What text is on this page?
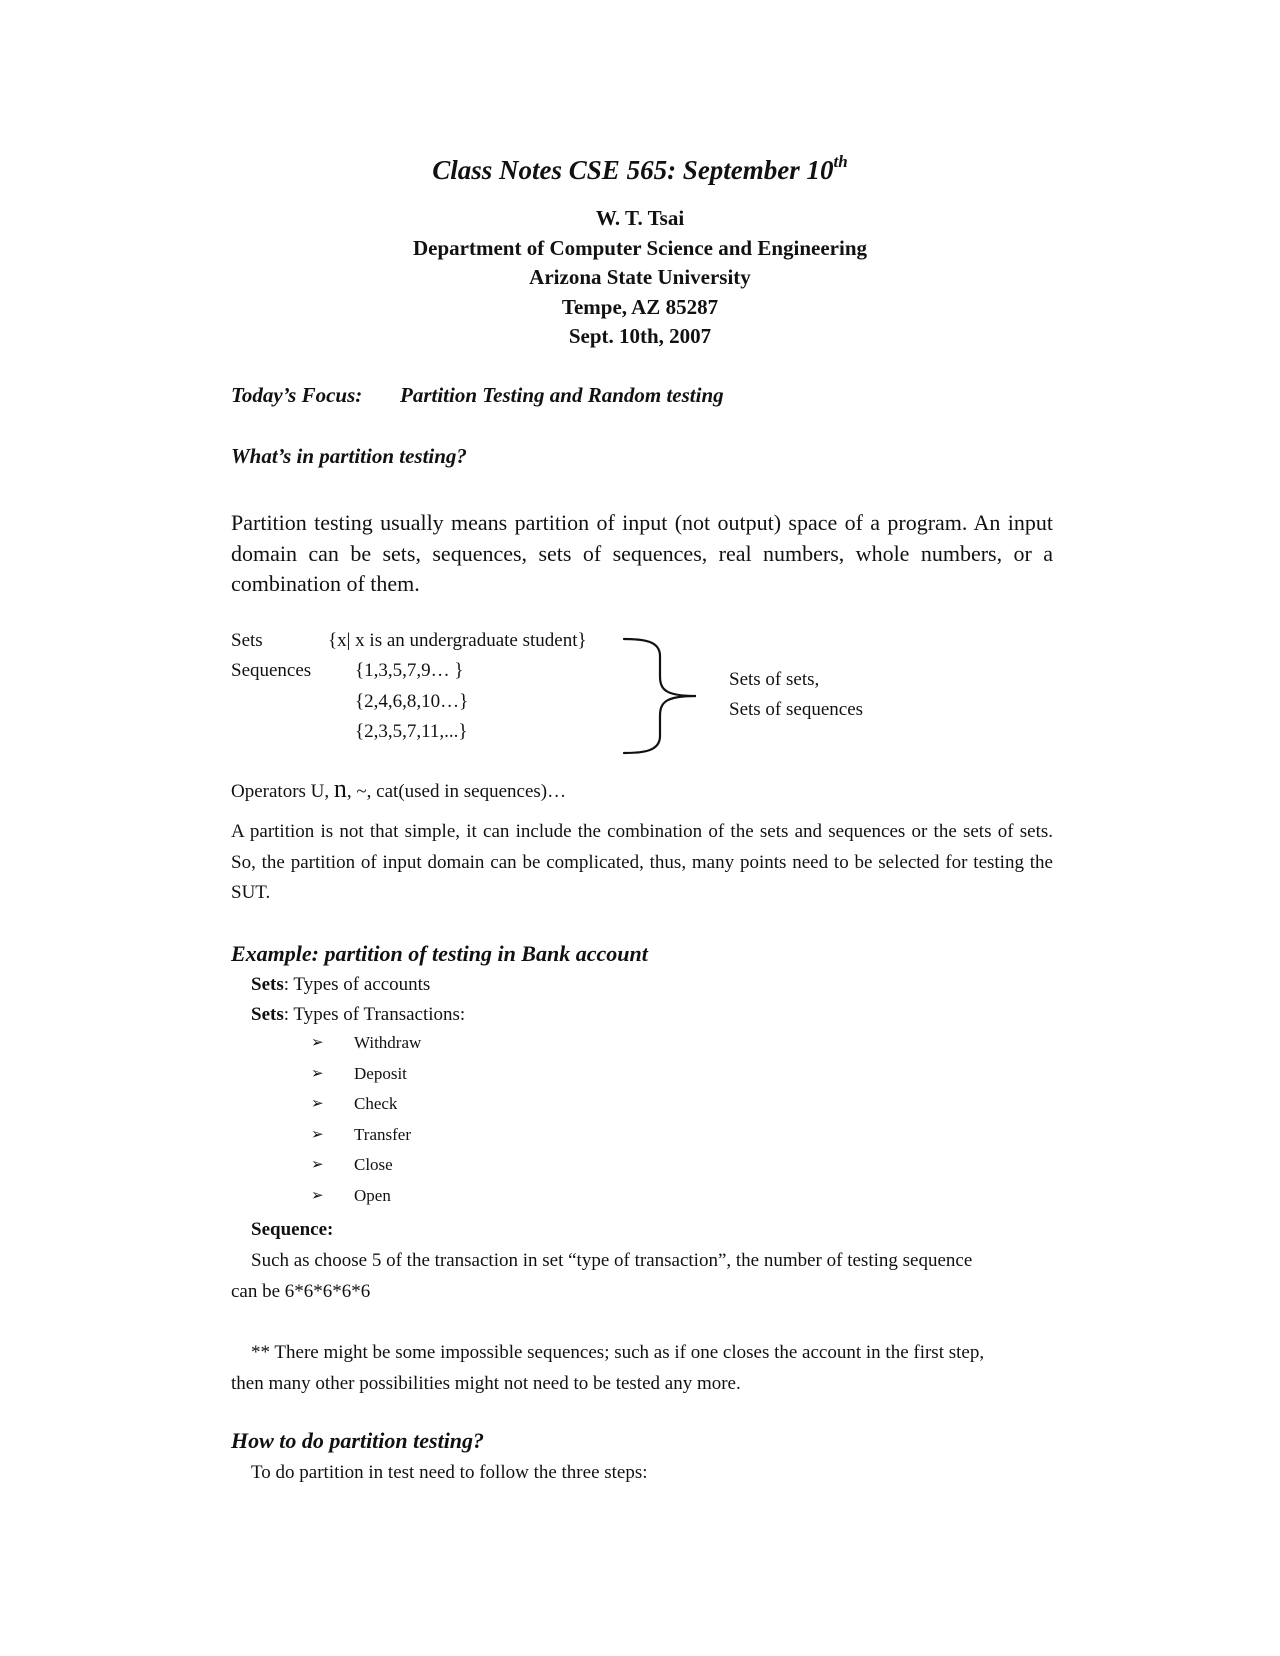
Class Notes CSE 565: September 10th
W. T. Tsai
Department of Computer Science and Engineering
Arizona State University
Tempe, AZ 85287
Sept. 10th, 2007
Today’s Focus: Partition Testing and Random testing
What’s in partition testing?
Partition testing usually means partition of input (not output) space of a program. An input domain can be sets, sequences, sets of sequences, real numbers, whole numbers, or a combination of them.
Sets	{x| x is an undergraduate student}
Sequences {1,3,5,7,9… }
{2,4,6,8,10…}
{2,3,5,7,11,...}
Sets of sets,
Sets of sequences
Operators U, n, ~, cat(used in sequences)…
A partition is not that simple, it can include the combination of the sets and sequences or the sets of sets. So, the partition of input domain can be complicated, thus, many points need to be selected for testing the SUT.
Example: partition of testing in Bank account
Sets: Types of accounts
Sets: Types of Transactions:
➢ Withdraw
➢ Deposit
➢ Check
➢ Transfer
➢ Close
➢ Open
Sequence:
Such as choose 5 of the transaction in set “type of transaction”, the number of testing sequence
can be 6*6*6*6*6
** There might be some impossible sequences; such as if one closes the account in the first step,
then many other possibilities might not need to be tested any more.
How to do partition testing?
To do partition in test need to follow the three steps:
